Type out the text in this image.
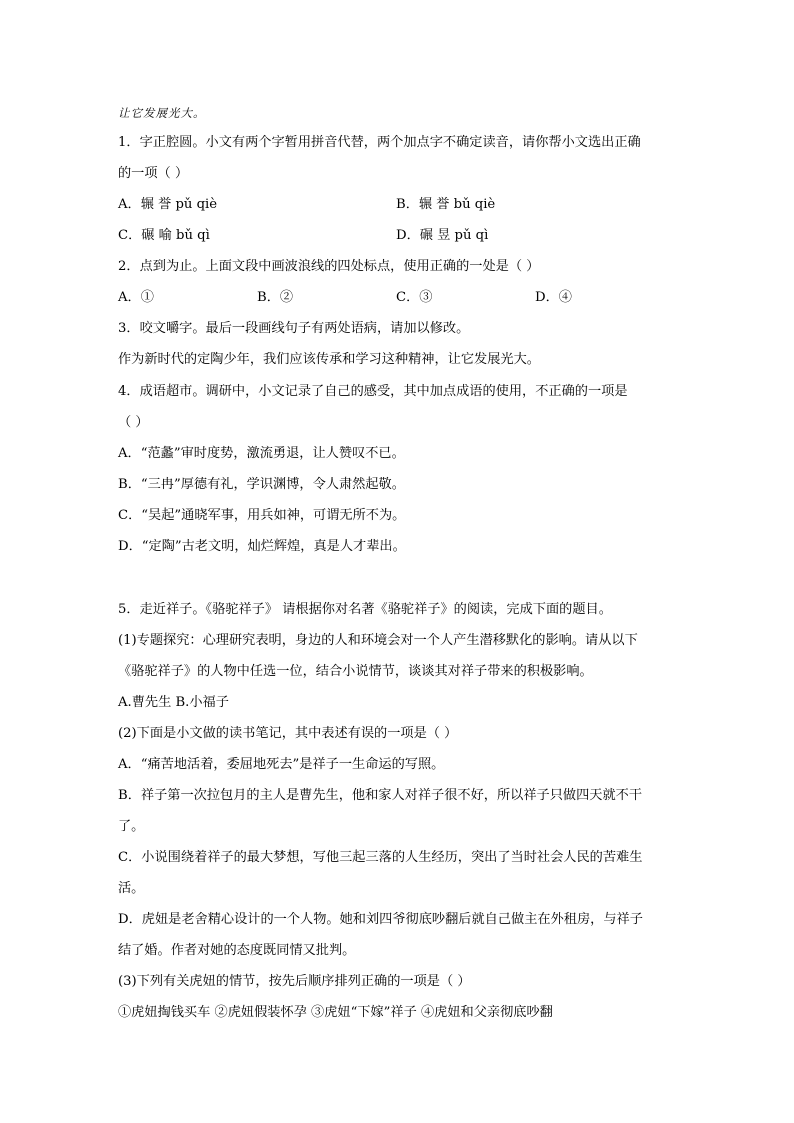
让它发展光大。
1．字正腔圆。小文有两个字暂用拼音代替，两个加点字不确定读音，请你帮小文选出正确
的一项（ ）
A．辗 誉 pǔ qiè	B．辗 誉 bǔ qiè
C．碾 喻 bǔ qì	D．碾 昱 pǔ qì
2．点到为止。上面文段中画波浪线的四处标点，使用正确的一处是（ ）
A．①	B．②	C．③	D．④
3．咬文嚼字。最后一段画线句子有两处语病，请加以修改。
作为新时代的定陶少年，我们应该传承和学习这种精神，让它发展光大。
4．成语超市。调研中，小文记录了自己的感受，其中加点成语的使用，不正确的一项是
（ ）
A．“范蠡”审时度势，激流勇退，让人赞叹不已。
B．“三冉”厚德有礼，学识渊博，令人肃然起敬。
C．“吴起”通晓军事，用兵如神，可谓无所不为。
D．“定陶”古老文明，灿烂辉煌，真是人才辈出。
5．走近祥子。《骆驼祥子》 请根据你对名著《骆驼祥子》的阅读，完成下面的题目。
(1)专题探究：心理研究表明，身边的人和环境会对一个人产生潜移默化的影响。请从以下
《骆驼祥子》的人物中任选一位，结合小说情节，谈谈其对祥子带来的积极影响。
A.曹先生 B.小福子
(2)下面是小文做的读书笔记，其中表述有误的一项是（ ）
A．“痛苦地活着，委屈地死去”是祥子一生命运的写照。
B．祥子第一次拉包月的主人是曹先生，他和家人对祥子很不好，所以祥子只做四天就不干
了。
C．小说围绕着祥子的最大梦想，写他三起三落的人生经历，突出了当时社会人民的苦难生
活。
D．虎妞是老舍精心设计的一个人物。她和刘四爷彻底吵翻后就自己做主在外租房，与祥子
结了婚。作者对她的态度既同情又批判。
(3)下列有关虎妞的情节，按先后顺序排列正确的一项是（ ）
①虎妞掏钱买车 ②虎妞假装怀孕 ③虎妞“下嫁”祥子 ④虎妞和父亲彻底吵翻
